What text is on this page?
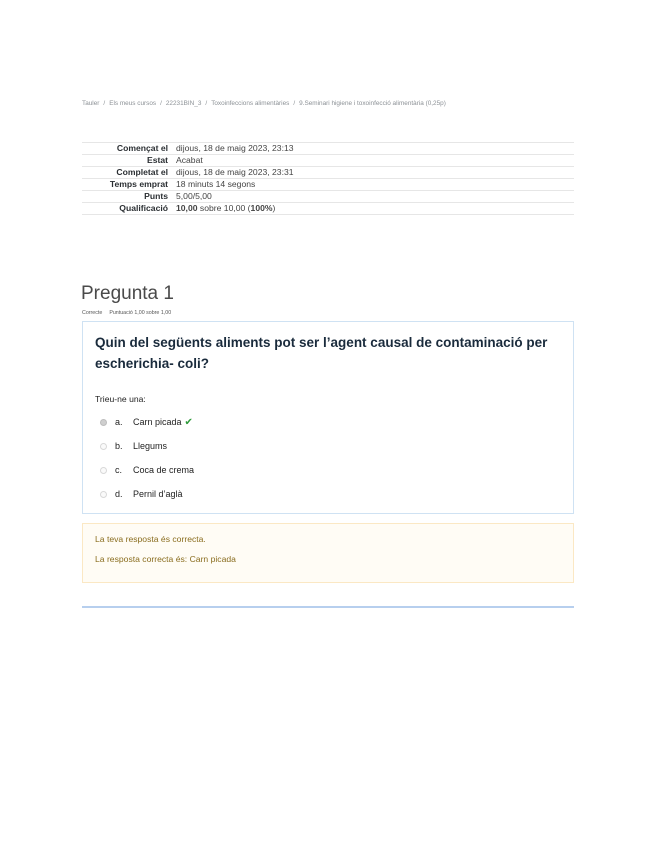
Tauler / Els meus cursos / 22231BIN_3 / Toxoinfeccions alimentàries / 9.Seminari higiene i toxoinfecció alimentària (0,25p)
Començat el	dijous, 18 de maig 2023, 23:13
Estat	Acabat
Completat el	dijous, 18 de maig 2023, 23:31
Temps emprat	18 minuts 14 segons
Punts	5,00/5,00
Qualificació	10,00 sobre 10,00 (100%)
Pregunta 1
Correcte Puntuació 1,00 sobre 1,00
Quin del següents aliments pot ser l’agent causal de contaminació per escherichia- coli?
Trieu-ne una:
a.	Carn picada ✔
b.	Llegums
c.	Coca de crema
d.	Pernil d’aglà

La teva resposta és correcta.

La resposta correcta és: Carn picada
